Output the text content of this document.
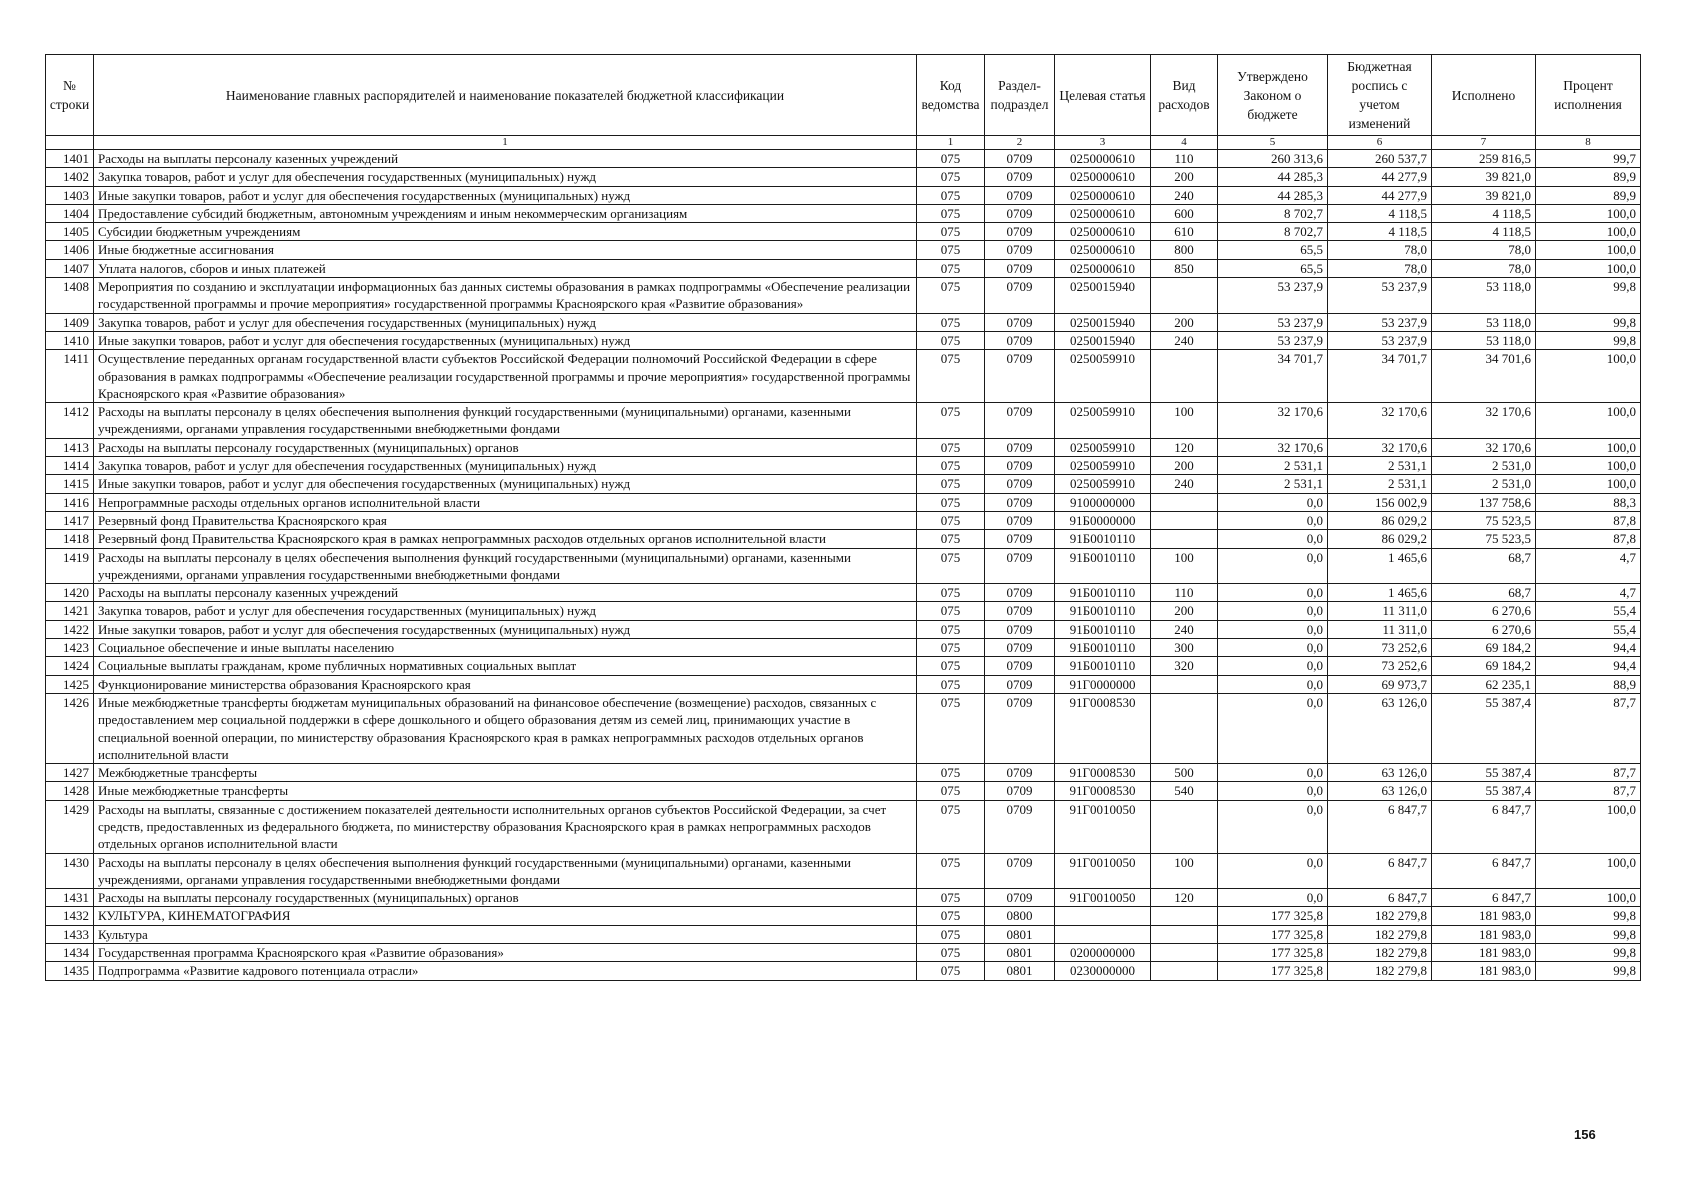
№ строки	Наименование главных распорядителей и наименование показателей бюджетной классификации	Код ведомства	Раздел-подраздел	Целевая статья	Вид расходов	Утверждено Законом о бюджете	Бюджетная роспись с учетом изменений	Исполнено	Процент исполнения
	1	1	2	3	4	5	6	7	8
1401	Расходы на выплаты персоналу казенных учреждений	075	0709	0250000610	110	260 313,6	260 537,7	259 816,5	99,7
1402	Закупка товаров, работ и услуг для обеспечения государственных (муниципальных) нужд	075	0709	0250000610	200	44 285,3	44 277,9	39 821,0	89,9
1403	Иные закупки товаров, работ и услуг для обеспечения государственных (муниципальных) нужд	075	0709	0250000610	240	44 285,3	44 277,9	39 821,0	89,9
1404	Предоставление субсидий бюджетным, автономным учреждениям и иным некоммерческим организациям	075	0709	0250000610	600	8 702,7	4 118,5	4 118,5	100,0
1405	Субсидии бюджетным учреждениям	075	0709	0250000610	610	8 702,7	4 118,5	4 118,5	100,0
1406	Иные бюджетные ассигнования	075	0709	0250000610	800	65,5	78,0	78,0	100,0
1407	Уплата налогов, сборов и иных платежей	075	0709	0250000610	850	65,5	78,0	78,0	100,0
1408	Мероприятия по созданию и эксплуатации информационных баз данных системы образования в рамках подпрограммы «Обеспечение реализации государственной программы и прочие мероприятия» государственной программы Красноярского края «Развитие образования»	075	0709	0250015940		53 237,9	53 237,9	53 118,0	99,8
1409	Закупка товаров, работ и услуг для обеспечения государственных (муниципальных) нужд	075	0709	0250015940	200	53 237,9	53 237,9	53 118,0	99,8
1410	Иные закупки товаров, работ и услуг для обеспечения государственных (муниципальных) нужд	075	0709	0250015940	240	53 237,9	53 237,9	53 118,0	99,8
1411	Осуществление переданных органам государственной власти субъектов Российской Федерации полномочий Российской Федерации в сфере образования в рамках подпрограммы «Обеспечение реализации государственной программы и прочие мероприятия» государственной программы Красноярского края «Развитие образования»	075	0709	0250059910		34 701,7	34 701,7	34 701,6	100,0
1412	Расходы на выплаты персоналу в целях обеспечения выполнения функций государственными (муниципальными) органами, казенными учреждениями, органами управления государственными внебюджетными фондами	075	0709	0250059910	100	32 170,6	32 170,6	32 170,6	100,0
1413	Расходы на выплаты персоналу государственных (муниципальных) органов	075	0709	0250059910	120	32 170,6	32 170,6	32 170,6	100,0
1414	Закупка товаров, работ и услуг для обеспечения государственных (муниципальных) нужд	075	0709	0250059910	200	2 531,1	2 531,1	2 531,0	100,0
1415	Иные закупки товаров, работ и услуг для обеспечения государственных (муниципальных) нужд	075	0709	0250059910	240	2 531,1	2 531,1	2 531,0	100,0
1416	Непрограммные расходы отдельных органов исполнительной власти	075	0709	9100000000		0,0	156 002,9	137 758,6	88,3
1417	Резервный фонд Правительства Красноярского края	075	0709	91Б0000000		0,0	86 029,2	75 523,5	87,8
1418	Резервный фонд Правительства Красноярского края в рамках непрограммных расходов отдельных органов исполнительной власти	075	0709	91Б0010110		0,0	86 029,2	75 523,5	87,8
1419	Расходы на выплаты персоналу в целях обеспечения выполнения функций государственными (муниципальными) органами, казенными учреждениями, органами управления государственными внебюджетными фондами	075	0709	91Б0010110	100	0,0	1 465,6	68,7	4,7
1420	Расходы на выплаты персоналу казенных учреждений	075	0709	91Б0010110	110	0,0	1 465,6	68,7	4,7
1421	Закупка товаров, работ и услуг для обеспечения государственных (муниципальных) нужд	075	0709	91Б0010110	200	0,0	11 311,0	6 270,6	55,4
1422	Иные закупки товаров, работ и услуг для обеспечения государственных (муниципальных) нужд	075	0709	91Б0010110	240	0,0	11 311,0	6 270,6	55,4
1423	Социальное обеспечение и иные выплаты населению	075	0709	91Б0010110	300	0,0	73 252,6	69 184,2	94,4
1424	Социальные выплаты гражданам, кроме публичных нормативных социальных выплат	075	0709	91Б0010110	320	0,0	73 252,6	69 184,2	94,4
1425	Функционирование министерства образования Красноярского края	075	0709	91Г0000000		0,0	69 973,7	62 235,1	88,9
1426	Иные межбюджетные трансферты бюджетам муниципальных образований на финансовое обеспечение (возмещение) расходов, связанных с предоставлением мер социальной поддержки в сфере дошкольного и общего образования детям из семей лиц, принимающих участие в специальной военной операции, по министерству образования Красноярского края в рамках непрограммных расходов отдельных органов исполнительной власти	075	0709	91Г0008530		0,0	63 126,0	55 387,4	87,7
1427	Межбюджетные трансферты	075	0709	91Г0008530	500	0,0	63 126,0	55 387,4	87,7
1428	Иные межбюджетные трансферты	075	0709	91Г0008530	540	0,0	63 126,0	55 387,4	87,7
1429	Расходы на выплаты, связанные с достижением показателей деятельности исполнительных органов субъектов Российской Федерации, за счет средств, предоставленных из федерального бюджета, по министерству образования Красноярского края в рамках непрограммных расходов отдельных органов исполнительной власти	075	0709	91Г0010050		0,0	6 847,7	6 847,7	100,0
1430	Расходы на выплаты персоналу в целях обеспечения выполнения функций государственными (муниципальными) органами, казенными учреждениями, органами управления государственными внебюджетными фондами	075	0709	91Г0010050	100	0,0	6 847,7	6 847,7	100,0
1431	Расходы на выплаты персоналу государственных (муниципальных) органов	075	0709	91Г0010050	120	0,0	6 847,7	6 847,7	100,0
1432	КУЛЬТУРА, КИНЕМАТОГРАФИЯ	075	0800			177 325,8	182 279,8	181 983,0	99,8
1433	Культура	075	0801			177 325,8	182 279,8	181 983,0	99,8
1434	Государственная программа Красноярского края «Развитие образования»	075	0801	0200000000		177 325,8	182 279,8	181 983,0	99,8
1435	Подпрограмма «Развитие кадрового потенциала отрасли»	075	0801	0230000000		177 325,8	182 279,8	181 983,0	99,8
156
